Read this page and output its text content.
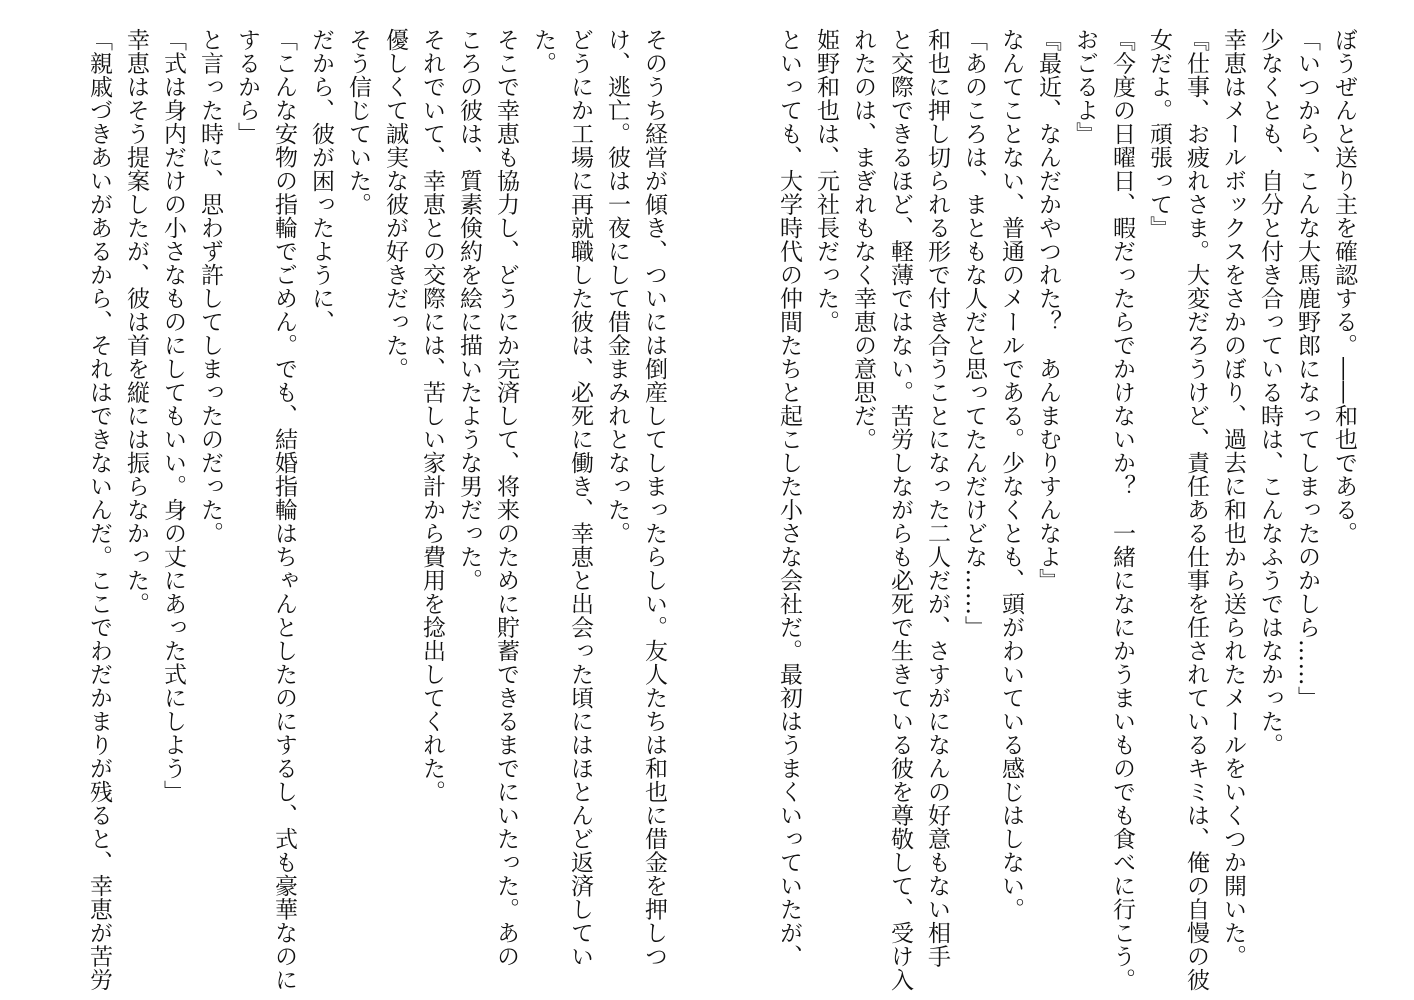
ぼうぜんと送り主を確認する。――和也である。
「いつから、こんな大馬鹿野郎になってしまったのかしら……」
少なくとも、自分と付き合っている時は、こんなふうではなかった。
幸恵はメールボックスをさかのぼり、過去に和也から送られたメールをいくつか開いた。
『仕事、お疲れさま。大変だろうけど、責任ある仕事を任されているキミは、俺の自慢の彼
女だよ。頑張って』
『今度の日曜日、暇だったらでかけないか？　一緒になにかうまいものでも食べに行こう。
おごるよ』
『最近、なんだかやつれた？　あんまむりすんなよ』
なんてことない、普通のメールである。少なくとも、頭がわいている感じはしない。
「あのころは、まともな人だと思ってたんだけどな……」
和也に押し切られる形で付き合うことになった二人だが、さすがになんの好意もない相手
と交際できるほど、軽薄ではない。苦労しながらも必死で生きている彼を尊敬して、受け入
れたのは、まぎれもなく幸恵の意思だ。
姫野和也は、元社長だった。
といっても、大学時代の仲間たちと起こした小さな会社だ。最初はうまくいっていたが、
そのうち経営が傾き、ついには倒産してしまったらしい。友人たちは和也に借金を押しつ
け、逃亡。彼は一夜にして借金まみれとなった。
どうにか工場に再就職した彼は、必死に働き、幸恵と出会った頃にはほとんど返済してい
た。
そこで幸恵も協力し、どうにか完済して、将来のために貯蓄できるまでにいたった。あの
ころの彼は、質素倹約を絵に描いたような男だった。
それでいて、幸恵との交際には、苦しい家計から費用を捻出してくれた。
優しくて誠実な彼が好きだった。
そう信じていた。
だから、彼が困ったように、
「こんな安物の指輪でごめん。でも、結婚指輪はちゃんとしたのにするし、式も豪華なのに
するから」
と言った時に、思わず許してしまったのだった。
「式は身内だけの小さなものにしてもいい。身の丈にあった式にしよう」
幸恵はそう提案したが、彼は首を縦には振らなかった。
「親戚づきあいがあるから、それはできないんだ。ここでわだかまりが残ると、幸恵が苦労
